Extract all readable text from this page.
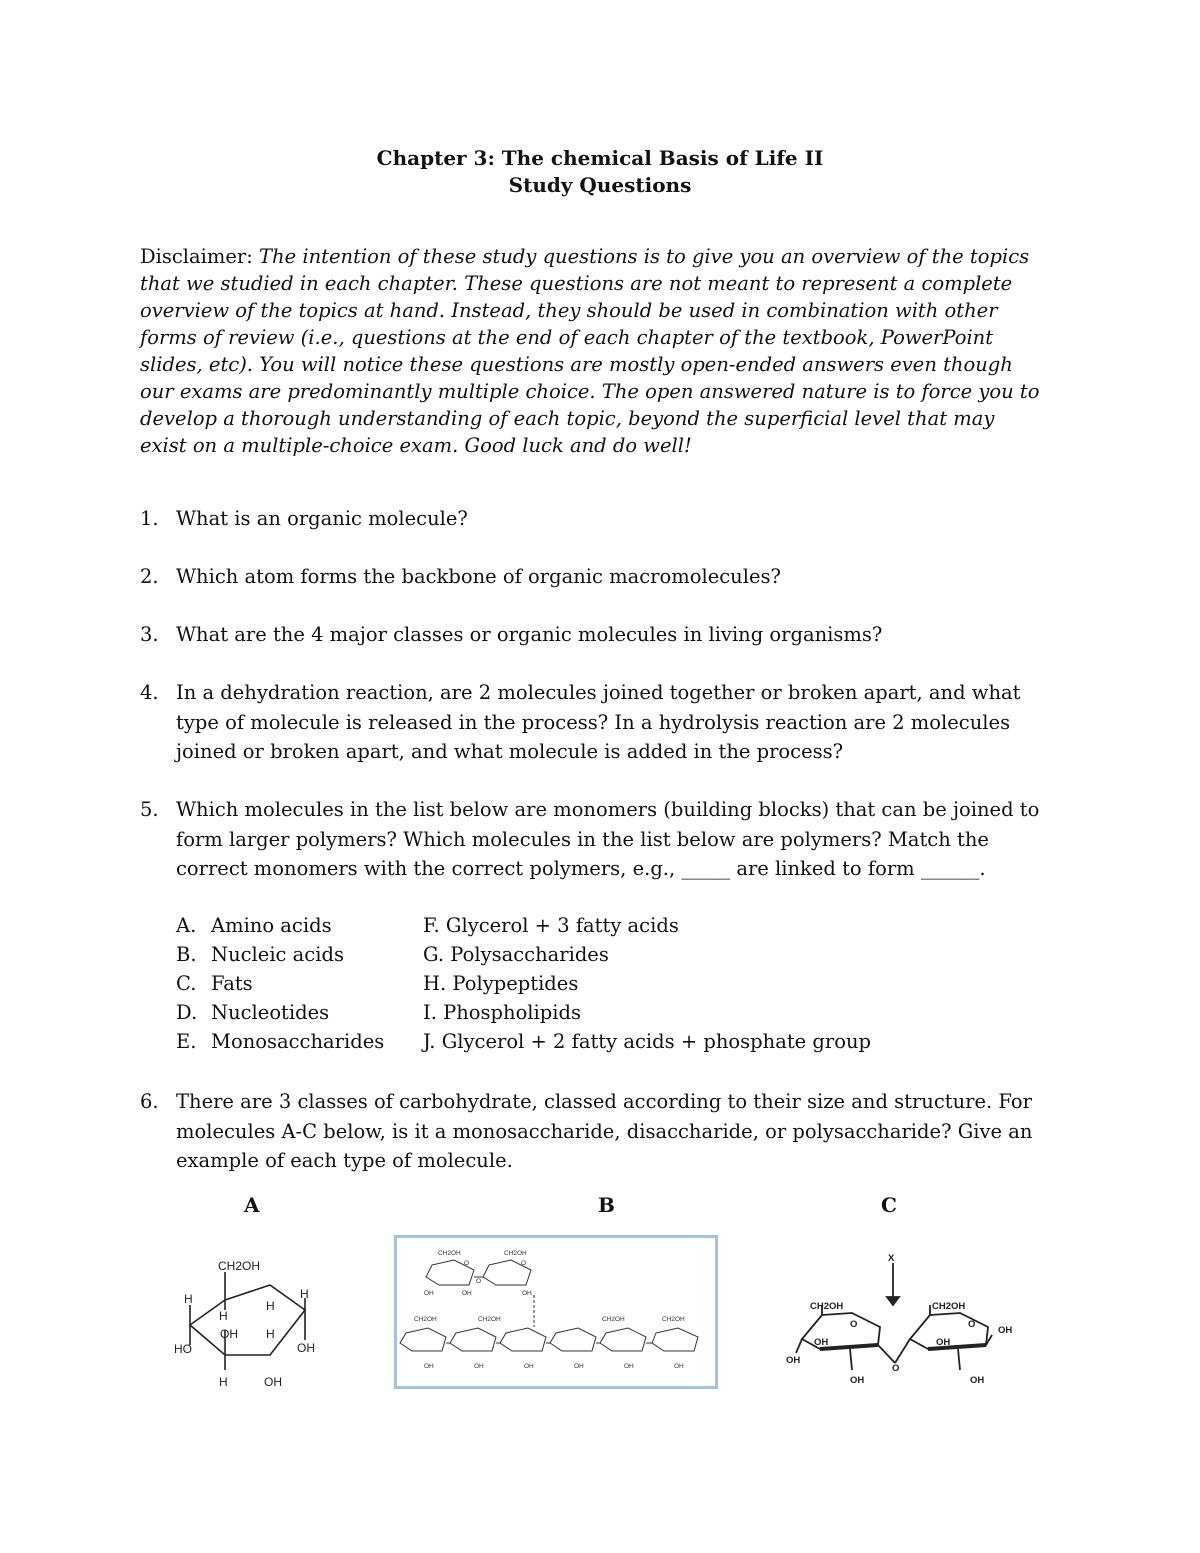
Chapter 3: The chemical Basis of Life II
Study Questions
Disclaimer: The intention of these study questions is to give you an overview of the topics that we studied in each chapter. These questions are not meant to represent a complete overview of the topics at hand. Instead, they should be used in combination with other forms of review (i.e., questions at the end of each chapter of the textbook, PowerPoint slides, etc). You will notice these questions are mostly open-ended answers even though our exams are predominantly multiple choice. The open answered nature is to force you to develop a thorough understanding of each topic, beyond the superficial level that may exist on a multiple-choice exam. Good luck and do well!
1. What is an organic molecule?
2. Which atom forms the backbone of organic macromolecules?
3. What are the 4 major classes or organic molecules in living organisms?
4. In a dehydration reaction, are 2 molecules joined together or broken apart, and what type of molecule is released in the process? In a hydrolysis reaction are 2 molecules joined or broken apart, and what molecule is added in the process?
5. Which molecules in the list below are monomers (building blocks) that can be joined to form larger polymers? Which molecules in the list below are polymers? Match the correct monomers with the correct polymers, e.g., _____ are linked to form ______.
A. Amino acids
B. Nucleic acids
C. Fats
D. Nucleotides
E. Monosaccharides
F. Glycerol + 3 fatty acids
G. Polysaccharides
H. Polypeptides
I. Phospholipids
J. Glycerol + 2 fatty acids + phosphate group
6. There are 3 classes of carbohydrate, classed according to their size and structure. For molecules A-C below, is it a monosaccharide, disaccharide, or polysaccharide? Give an example of each type of molecule.
A	B	C
CH2OH
H
H
H
OH
H
HO
OH H
H	OH
CH2OH	CH2OH
O	O
O
OH	OH	OH
CH2OH	CH2OH	CH2OH	CH2OH
OH	OH	OH	OH	OH	OH
X
CH2OH	CH2OH
O	O
O
OH
OH	OH
OH	OH
OH
